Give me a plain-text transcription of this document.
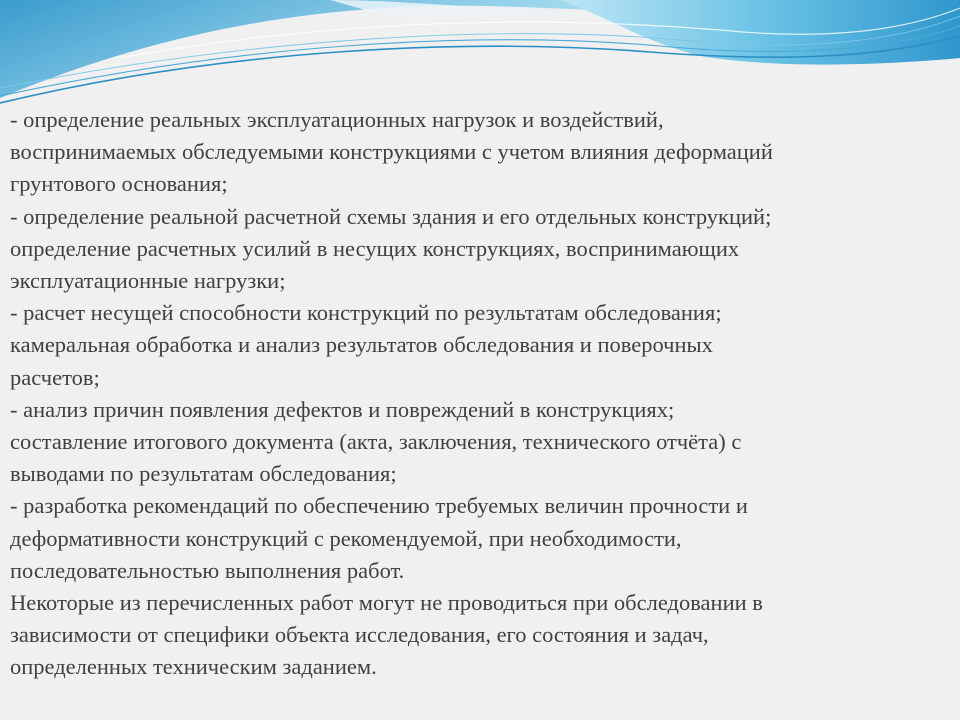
- определение реальных эксплуатационных нагрузок и воздействий,
воспринимаемых обследуемыми конструкциями с учетом влияния деформаций
грунтового основания;
- определение реальной расчетной схемы здания и его отдельных конструкций;
определение расчетных усилий в несущих конструкциях, воспринимающих
эксплуатационные нагрузки;
- расчет несущей способности конструкций по результатам обследования;
камеральная обработка и анализ результатов обследования и поверочных
расчетов;
- анализ причин появления дефектов и повреждений в конструкциях;
составление итогового документа (акта, заключения, технического отчёта) с
выводами по результатам обследования;
- разработка рекомендаций по обеспечению требуемых величин прочности и
деформативности конструкций с рекомендуемой, при необходимости,
последовательностью выполнения работ.
Некоторые из перечисленных работ могут не проводиться при обследовании в
зависимости от специфики объекта исследования, его состояния и задач,
определенных техническим заданием.
